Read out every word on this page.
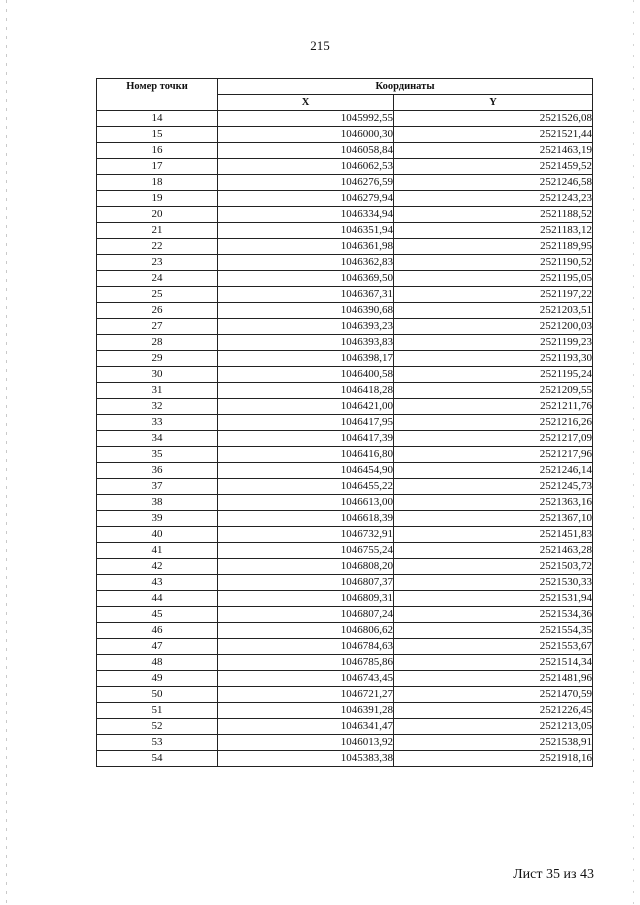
215
Номер точки	Координаты	
	X	Y
14	1045992,55	2521526,08
15	1046000,30	2521521,44
16	1046058,84	2521463,19
17	1046062,53	2521459,52
18	1046276,59	2521246,58
19	1046279,94	2521243,23
20	1046334,94	2521188,52
21	1046351,94	2521183,12
22	1046361,98	2521189,95
23	1046362,83	2521190,52
24	1046369,50	2521195,05
25	1046367,31	2521197,22
26	1046390,68	2521203,51
27	1046393,23	2521200,03
28	1046393,83	2521199,23
29	1046398,17	2521193,30
30	1046400,58	2521195,24
31	1046418,28	2521209,55
32	1046421,00	2521211,76
33	1046417,95	2521216,26
34	1046417,39	2521217,09
35	1046416,80	2521217,96
36	1046454,90	2521246,14
37	1046455,22	2521245,73
38	1046613,00	2521363,16
39	1046618,39	2521367,10
40	1046732,91	2521451,83
41	1046755,24	2521463,28
42	1046808,20	2521503,72
43	1046807,37	2521530,33
44	1046809,31	2521531,94
45	1046807,24	2521534,36
46	1046806,62	2521554,35
47	1046784,63	2521553,67
48	1046785,86	2521514,34
49	1046743,45	2521481,96
50	1046721,27	2521470,59
51	1046391,28	2521226,45
52	1046341,47	2521213,05
53	1046013,92	2521538,91
54	1045383,38	2521918,16
Лист 35 из 43
